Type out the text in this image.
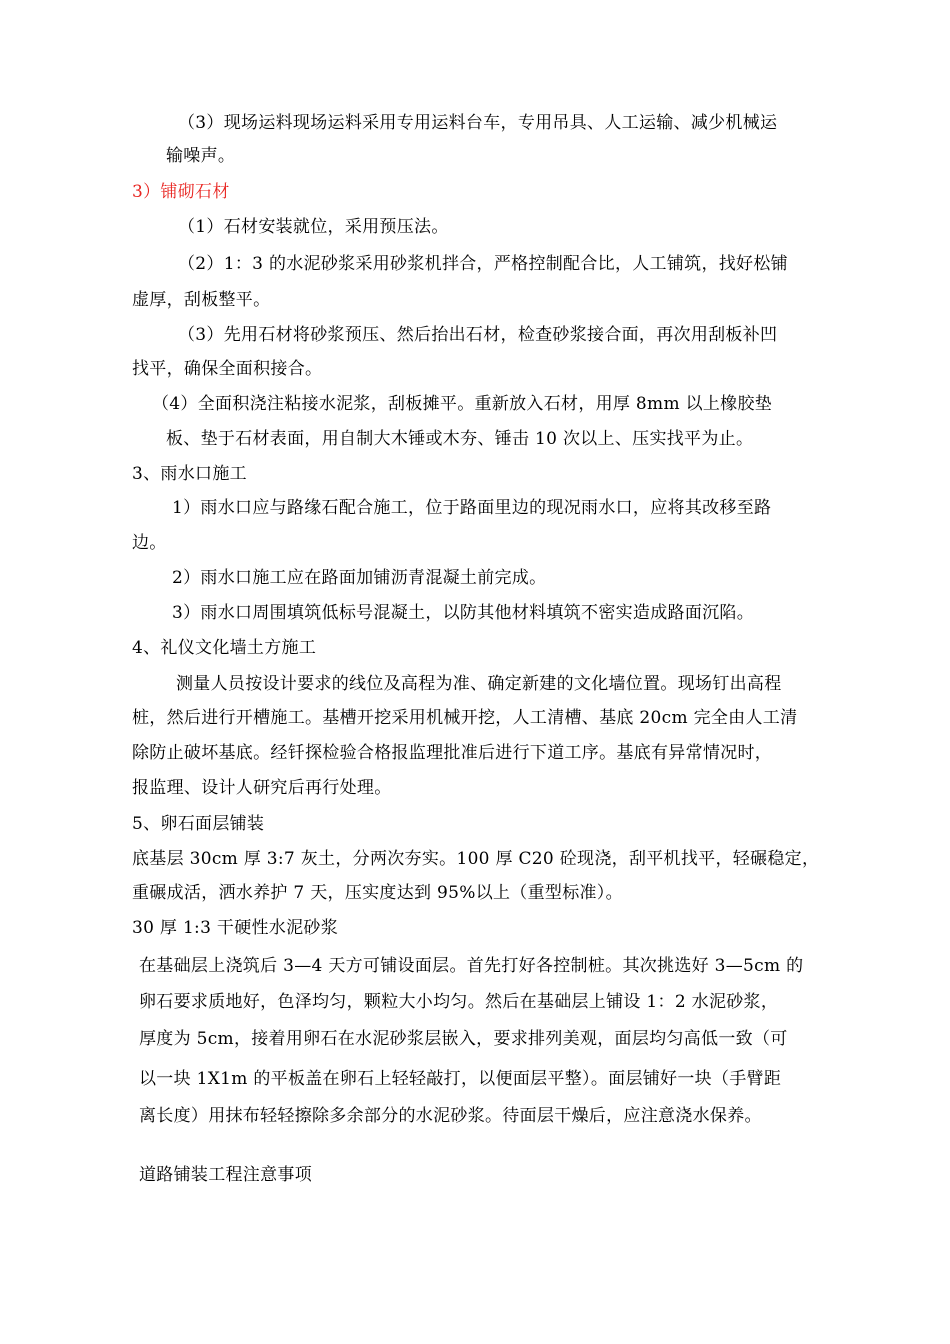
（3）现场运料现场运料采用专用运料台车，专用吊具、人工运输、减少机械运
输噪声。
3）铺砌石材
（1）石材安装就位，采用预压法。
（2）1：3 的水泥砂浆采用砂浆机拌合，严格控制配合比，人工铺筑，找好松铺
虚厚，刮板整平。
（3）先用石材将砂浆预压、然后抬出石材，检查砂浆接合面，再次用刮板补凹
找平，确保全面积接合。
（4）全面积浇注粘接水泥浆，刮板摊平。重新放入石材，用厚 8mm 以上橡胶垫
板、垫于石材表面，用自制大木锤或木夯、锤击 10 次以上、压实找平为止。
3、雨水口施工
1）雨水口应与路缘石配合施工，位于路面里边的现况雨水口，应将其改移至路
边。
2）雨水口施工应在路面加铺沥青混凝土前完成。
3）雨水口周围填筑低标号混凝土，以防其他材料填筑不密实造成路面沉陷。
4、礼仪文化墙土方施工
测量人员按设计要求的线位及高程为准、确定新建的文化墙位置。现场钉出高程
桩，然后进行开槽施工。基槽开挖采用机械开挖，人工清槽、基底 20cm 完全由人工清
除防止破坏基底。经钎探检验合格报监理批准后进行下道工序。基底有异常情况时，
报监理、设计人研究后再行处理。
5、卵石面层铺装
底基层 30cm 厚 3:7 灰土，分两次夯实。100 厚 C20 砼现浇，刮平机找平，轻碾稳定，
重碾成活，洒水养护 7 天，压实度达到 95%以上（重型标准）。
30 厚 1:3 干硬性水泥砂浆
在基础层上浇筑后 3—4 天方可铺设面层。首先打好各控制桩。其次挑选好 3—5cm 的
卵石要求质地好，色泽均匀，颗粒大小均匀。然后在基础层上铺设 1：2 水泥砂浆，
厚度为 5cm，接着用卵石在水泥砂浆层嵌入，要求排列美观，面层均匀高低一致（可
以一块 1X1m 的平板盖在卵石上轻轻敲打，以便面层平整）。面层铺好一块（手臂距
离长度）用抹布轻轻擦除多余部分的水泥砂浆。待面层干燥后，应注意浇水保养。
道路铺装工程注意事项
